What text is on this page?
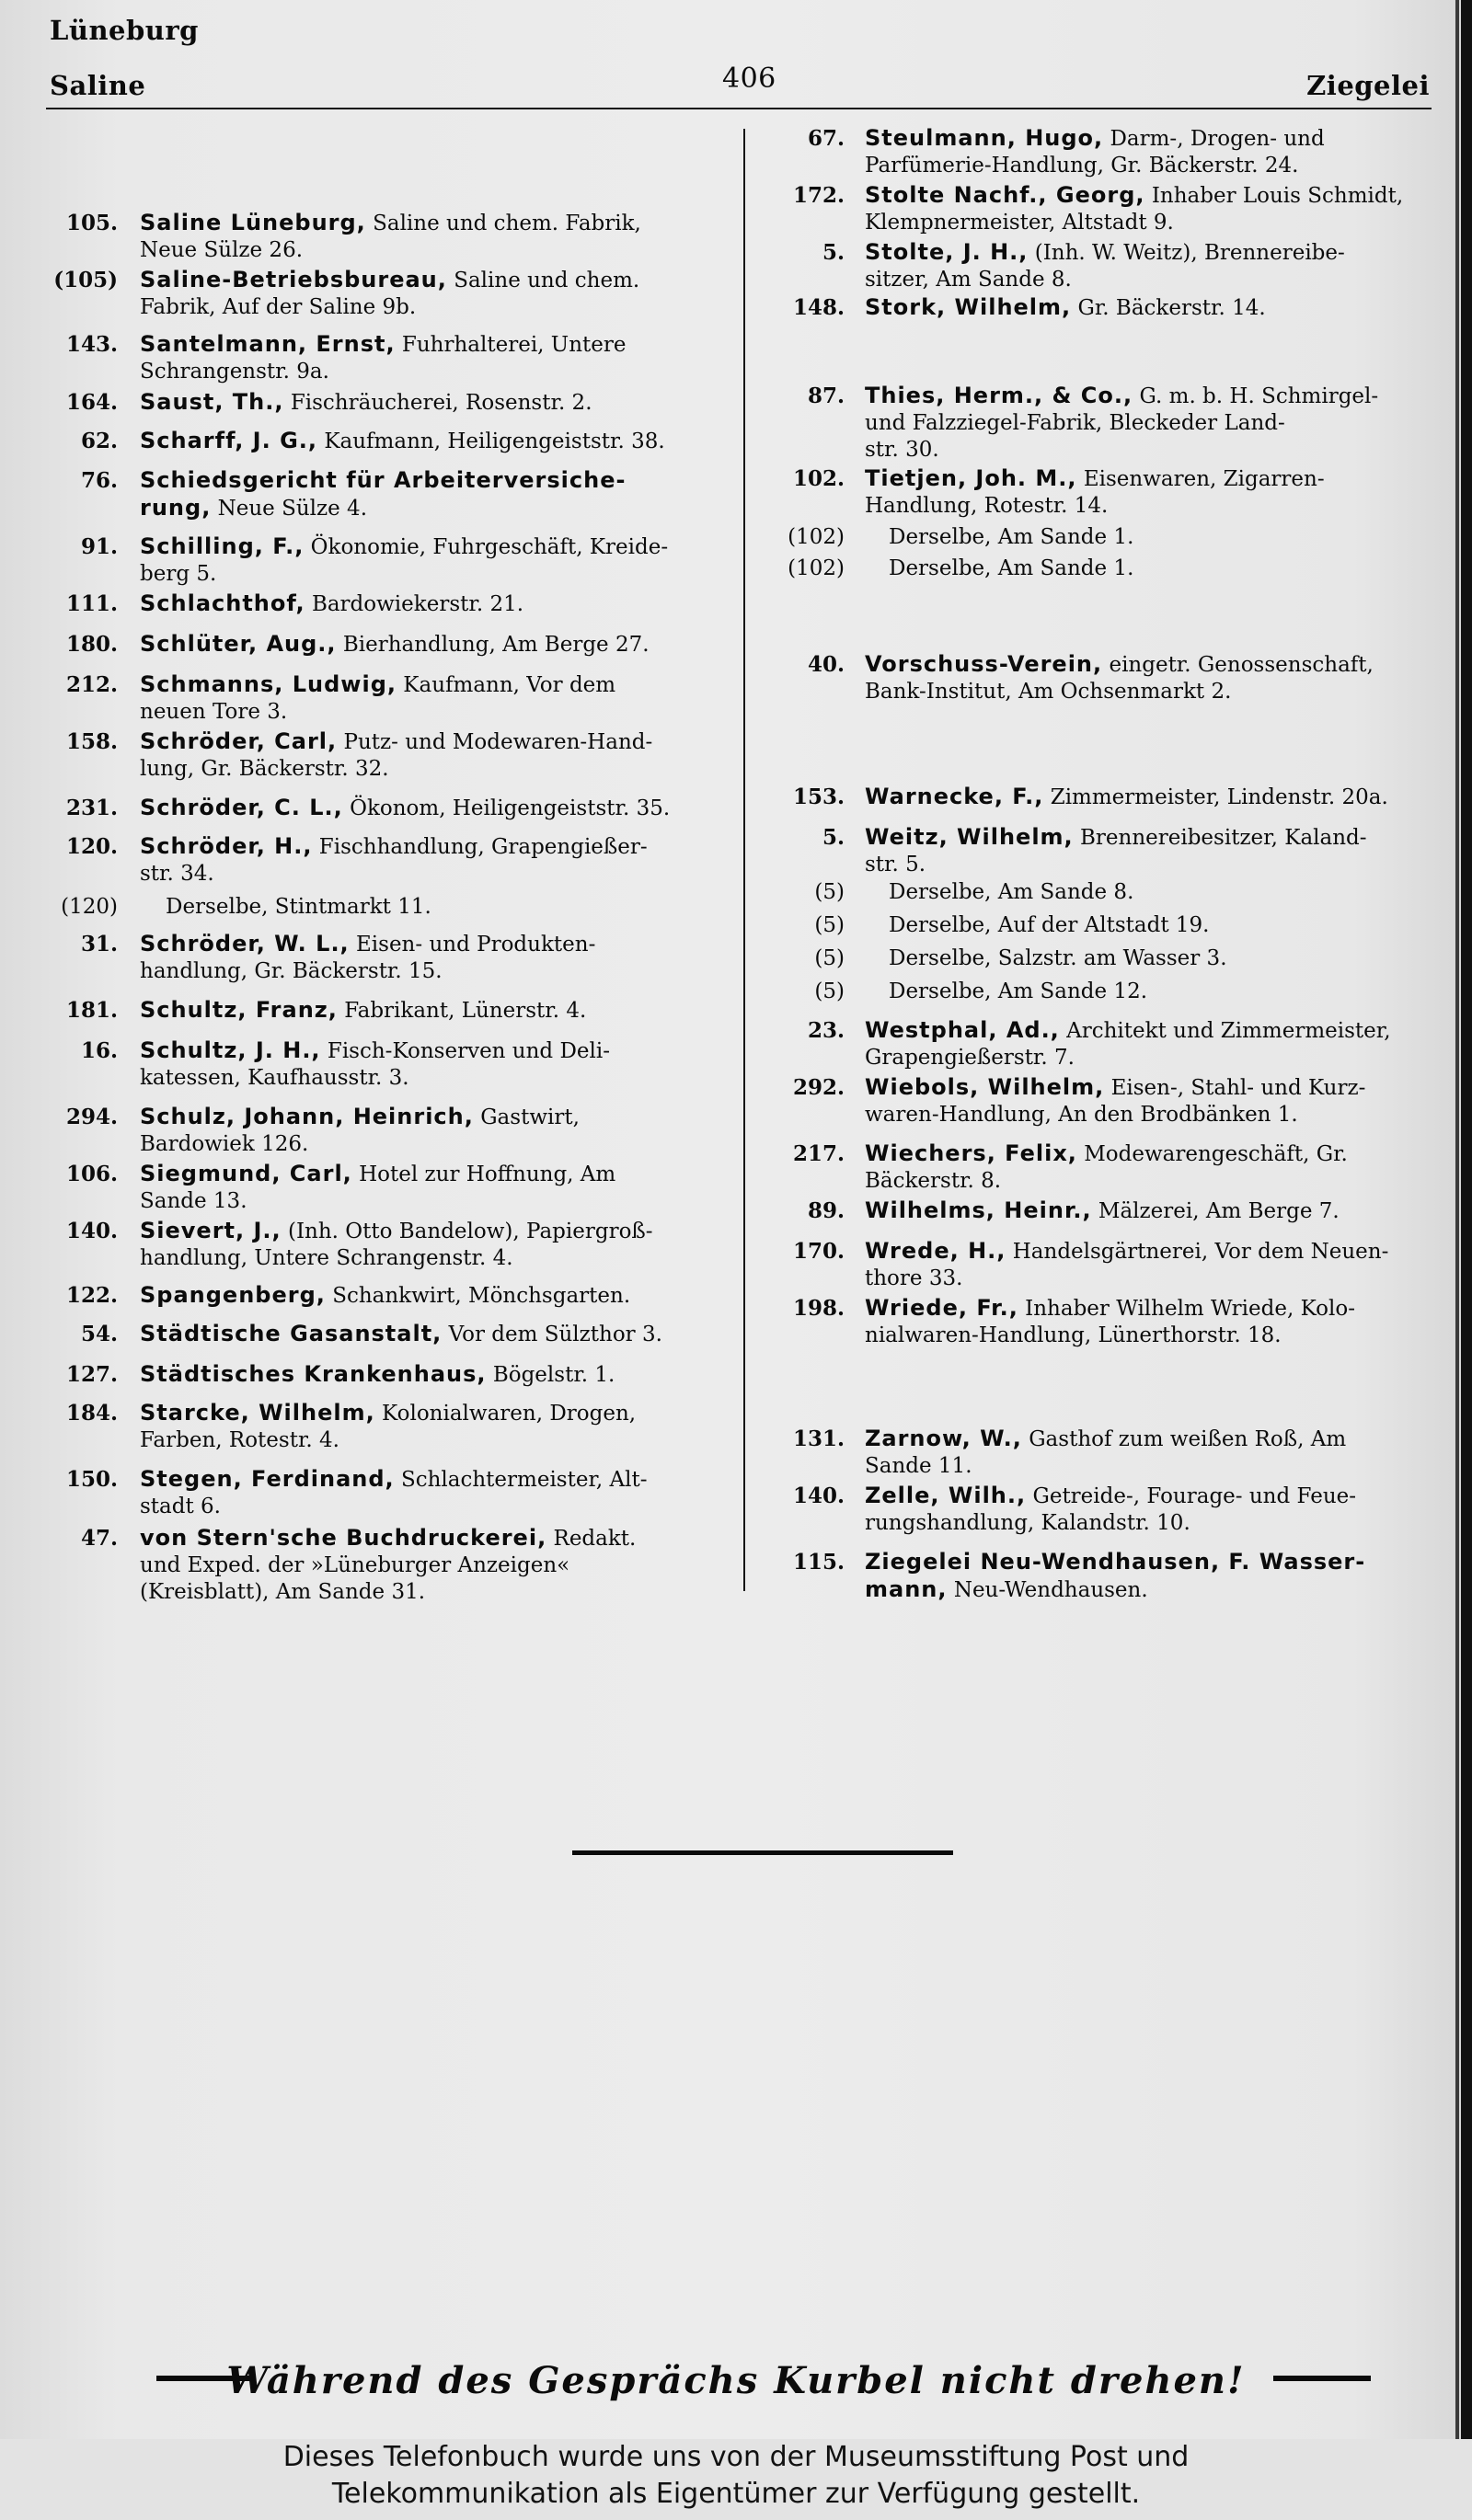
Lüneburg
Saline	406	Ziegelei
105. Saline Lüneburg, Saline und chem. Fabrik,
Neue Sülze 26.
(105) Saline-Betriebsbureau, Saline und chem.
Fabrik, Auf der Saline 9b.
143. Santelmann, Ernst, Fuhrhalterei, Untere
Schrangenstr. 9a.
164. Saust, Th., Fischräucherei, Rosenstr. 2.
62. Scharff, J. G., Kaufmann, Heiligengeiststr. 38.
76. Schiedsgericht für Arbeiterversiche-
rung, Neue Sülze 4.
91. Schilling, F., Ökonomie, Fuhrgeschäft, Kreide-
berg 5.
111. Schlachthof, Bardowiekerstr. 21.
180. Schlüter, Aug., Bierhandlung, Am Berge 27.
212. Schmanns, Ludwig, Kaufmann, Vor dem
neuen Tore 3.
158. Schröder, Carl, Putz- und Modewaren-Hand-
lung, Gr. Bäckerstr. 32.
231. Schröder, C. L., Ökonom, Heiligengeiststr. 35.
120. Schröder, H., Fischhandlung, Grapengießer-
str. 34.
(120) Derselbe, Stintmarkt 11.
31. Schröder, W. L., Eisen- und Produkten-
handlung, Gr. Bäckerstr. 15.
181. Schultz, Franz, Fabrikant, Lünerstr. 4.
16. Schultz, J. H., Fisch-Konserven und Deli-
katessen, Kaufhausstr. 3.
294. Schulz, Johann, Heinrich, Gastwirt,
Bardowiek 126.
106. Siegmund, Carl, Hotel zur Hoffnung, Am
Sande 13.
140. Sievert, J., (Inh. Otto Bandelow), Papiergroß-
handlung, Untere Schrangenstr. 4.
122. Spangenberg, Schankwirt, Mönchsgarten.
54. Städtische Gasanstalt, Vor dem Sülzthor 3.
127. Städtisches Krankenhaus, Bögelstr. 1.
184. Starcke, Wilhelm, Kolonialwaren, Drogen,
Farben, Rotestr. 4.
150. Stegen, Ferdinand, Schlachtermeister, Alt-
stadt 6.
47. von Stern'sche Buchdruckerei, Redakt.
und Exped. der »Lüneburger Anzeigen«
(Kreisblatt), Am Sande 31.
67. Steulmann, Hugo, Darm-, Drogen- und
Parfümerie-Handlung, Gr. Bäckerstr. 24.
172. Stolte Nachf., Georg, Inhaber Louis Schmidt,
Klempnermeister, Altstadt 9.
5. Stolte, J. H., (Inh. W. Weitz), Brennereibe-
sitzer, Am Sande 8.
148. Stork, Wilhelm, Gr. Bäckerstr. 14.
87. Thies, Herm., & Co., G. m. b. H. Schmirgel-
und Falzziegel-Fabrik, Bleckeder Land-
str. 30.
102. Tietjen, Joh. M., Eisenwaren, Zigarren-
Handlung, Rotestr. 14.
(102) Derselbe, Am Sande 1.
(102) Derselbe, Am Sande 1.
40. Vorschuss-Verein, eingetr. Genossenschaft,
Bank-Institut, Am Ochsenmarkt 2.
153. Warnecke, F., Zimmermeister, Lindenstr. 20a.
5. Weitz, Wilhelm, Brennereibesitzer, Kaland-
str. 5.
(5) Derselbe, Am Sande 8.
(5) Derselbe, Auf der Altstadt 19.
(5) Derselbe, Salzstr. am Wasser 3.
(5) Derselbe, Am Sande 12.
23. Westphal, Ad., Architekt und Zimmermeister,
Grapengießerstr. 7.
292. Wiebols, Wilhelm, Eisen-, Stahl- und Kurz-
waren-Handlung, An den Brodbänken 1.
217. Wiechers, Felix, Modewarengeschäft, Gr.
Bäckerstr. 8.
89. Wilhelms, Heinr., Mälzerei, Am Berge 7.
170. Wrede, H., Handelsgärtnerei, Vor dem Neuen-
thore 33.
198. Wriede, Fr., Inhaber Wilhelm Wriede, Kolo-
nialwaren-Handlung, Lünerthorstr. 18.
131. Zarnow, W., Gasthof zum weißen Roß, Am
Sande 11.
140. Zelle, Wilh., Getreide-, Fourage- und Feue-
rungshandlung, Kalandstr. 10.
115. Ziegelei Neu-Wendhausen, F. Wasser-
mann, Neu-Wendhausen.
Während des Gesprächs Kurbel nicht drehen!
Dieses Telefonbuch wurde uns von der Museumsstiftung Post und
Telekommunikation als Eigentümer zur Verfügung gestellt.
